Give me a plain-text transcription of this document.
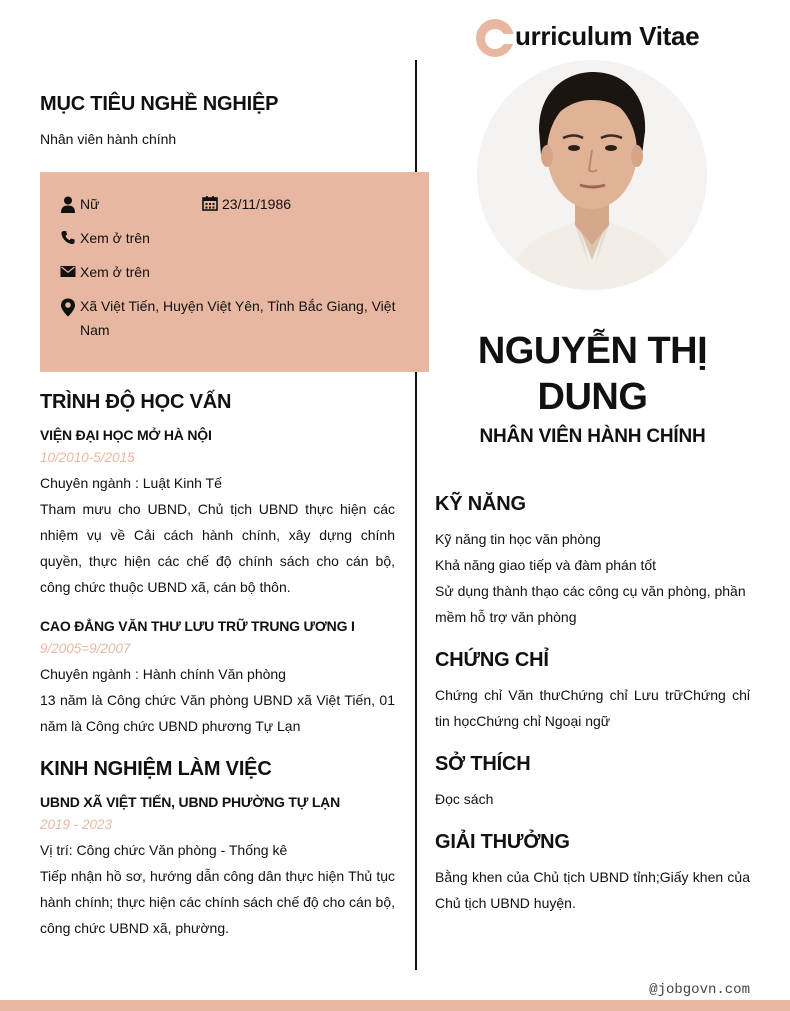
urriculum Vitae
MỤC TIÊU NGHỀ NGHIỆP
Nhân viên hành chính
Nữ	23/11/1986
Xem ở trên
Xem ở trên
Xã Việt Tiến, Huyện Việt Yên, Tỉnh Bắc Giang, Việt Nam
TRÌNH ĐỘ HỌC VẤN
VIỆN ĐẠI HỌC MỞ HÀ NỘI
10/2010-5/2015
Chuyên ngành : Luật Kinh Tế
Tham mưu cho UBND, Chủ tịch UBND thực hiện các nhiệm vụ về Cải cách hành chính, xây dựng chính quyền, thực hiện các chế độ chính sách cho cán bộ, công chức thuộc UBND xã, cán bộ thôn.
CAO ĐẲNG VĂN THƯ LƯU TRỮ TRUNG ƯƠNG I
9/2005=9/2007
Chuyên ngành : Hành chính Văn phòng
13 năm là Công chức Văn phòng UBND xã Việt Tiến, 01 năm là Công chức UBND phương Tự Lạn
KINH NGHIỆM LÀM VIỆC
UBND XÃ VIỆT TIẾN, UBND PHƯỜNG TỰ LẠN
2019 - 2023
Vị trí: Công chức Văn phòng - Thống kê
Tiếp nhận hồ sơ, hướng dẫn công dân thực hiện Thủ tục hành chính; thực hiện các chính sách chế độ cho cán bộ, công chức UBND xã, phường.
NGUYỄN THỊ
DUNG
NHÂN VIÊN HÀNH CHÍNH
KỸ NĂNG
Kỹ năng tin học văn phòng
Khả năng giao tiếp và đàm phán tốt
Sử dụng thành thạo các công cụ văn phòng, phần mềm hỗ trợ văn phòng
CHỨNG CHỈ
Chứng chỉ Văn thưChứng chỉ Lưu trữChứng chỉ tin họcChứng chỉ Ngoại ngữ
SỞ THÍCH
Đọc sách
GIẢI THƯỞNG
Bằng khen của Chủ tịch UBND tỉnh;Giấy khen của Chủ tịch UBND huyện.
@jobgovn.com
